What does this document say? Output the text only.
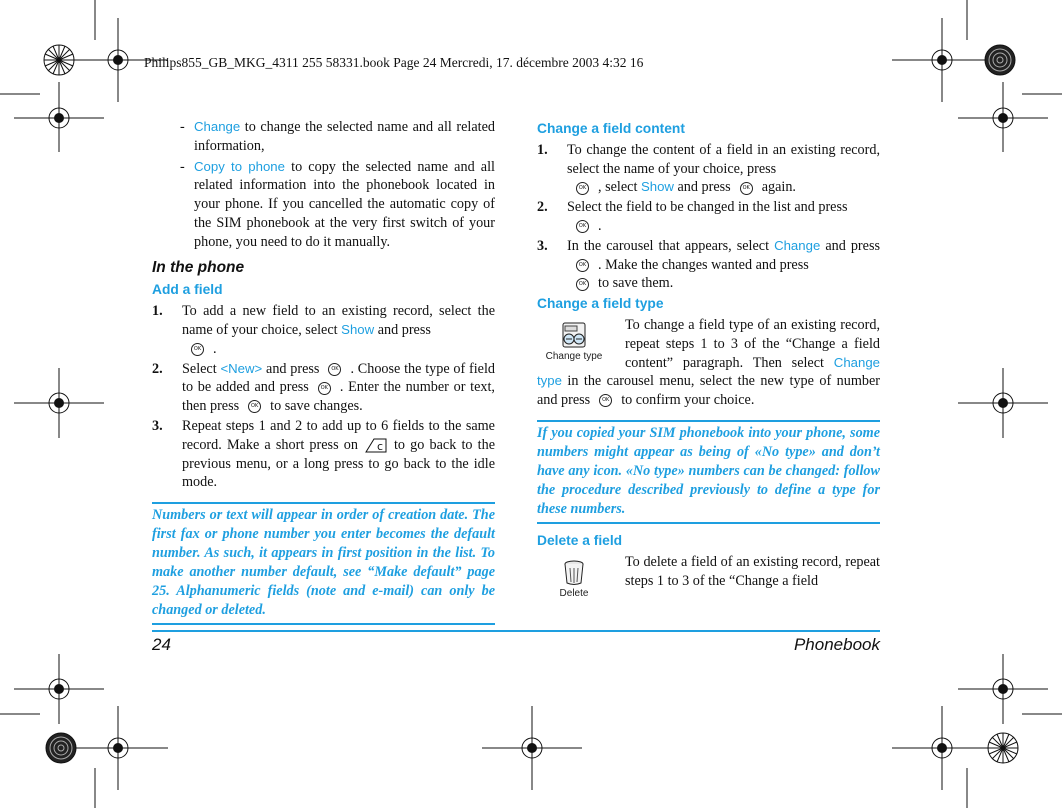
Philips855_GB_MKG_4311 255 58331.book Page 24 Mercredi, 17. décembre 2003 4:32 16
- Change to change the selected name and all related information,

- Copy to phone to copy the selected name and all related information into the phonebook located in your phone. If you cancelled the automatic copy of the SIM phonebook at the very first switch of your phone, you need to do it manually.

In the phone
Add a field
1. To add a new field to an existing record, select the name of your choice, select Show and press
OK .

2. Select <New> and press OK . Choose the type of field to be added and press OK . Enter the number or text, then press OK to save changes.

3. Repeat steps 1 and 2 to add up to 6 fields to the same record. Make a short press on c to go back to the previous menu, or a long press to go back to the idle mode.

Numbers or text will appear in order of creation date. The first fax or phone number you enter becomes the default number. As such, it appears in first position in the list. To make another number default, see “Make default” page 25. Alphanumeric fields (note and e-mail) can only be changed or deleted.
Change a field content
1. To change the content of a field in an existing record, select the name of your choice, press
OK , select Show and press OK again.

2. Select the field to be changed in the list and press
OK .

3. In the carousel that appears, select Change and pressOK . Make the changes wanted and press
OK to save them.

Change a field type
Change type
To change a field type of an existing record, repeat steps 1 to 3 of the “Change a field content” paragraph. Then select Change type in the carousel menu, select the new type of number and press OK to confirm your choice.
If you copied your SIM phonebook into your phone, some numbers might appear as being of «No type» and don’t have any icon. «No type» numbers can be changed: follow the procedure described previously to define a type for these numbers.
Delete a field
Delete
To delete a field of an existing record, repeat steps 1 to 3 of the “Change a field
24	Phonebook
